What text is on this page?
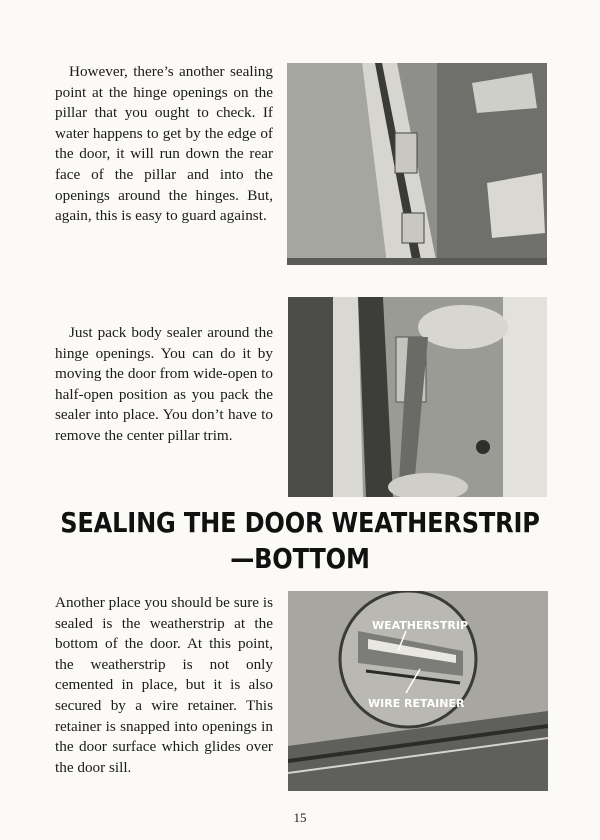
However, there’s another sealing point at the hinge openings on the pillar that you ought to check. If water happens to get by the edge of the door, it will run down the rear face of the pillar and into the openings around the hinges. But, again, this is easy to guard against.

Just pack body sealer around the hinge openings. You can do it by moving the door from wide-open to half-open position as you pack the sealer into place. You don’t have to remove the center pillar trim.

SEALING THE DOOR WEATHERSTRIP
—BOTTOM

Another place you should be sure is sealed is the weatherstrip at the bottom of the door. At this point, the weatherstrip is not only cemented in place, but it is also secured by a wire retainer. This retainer is snapped into openings in the door surface which glides over the door sill.

WEATHERSTRIP
WIRE RETAINER
15
